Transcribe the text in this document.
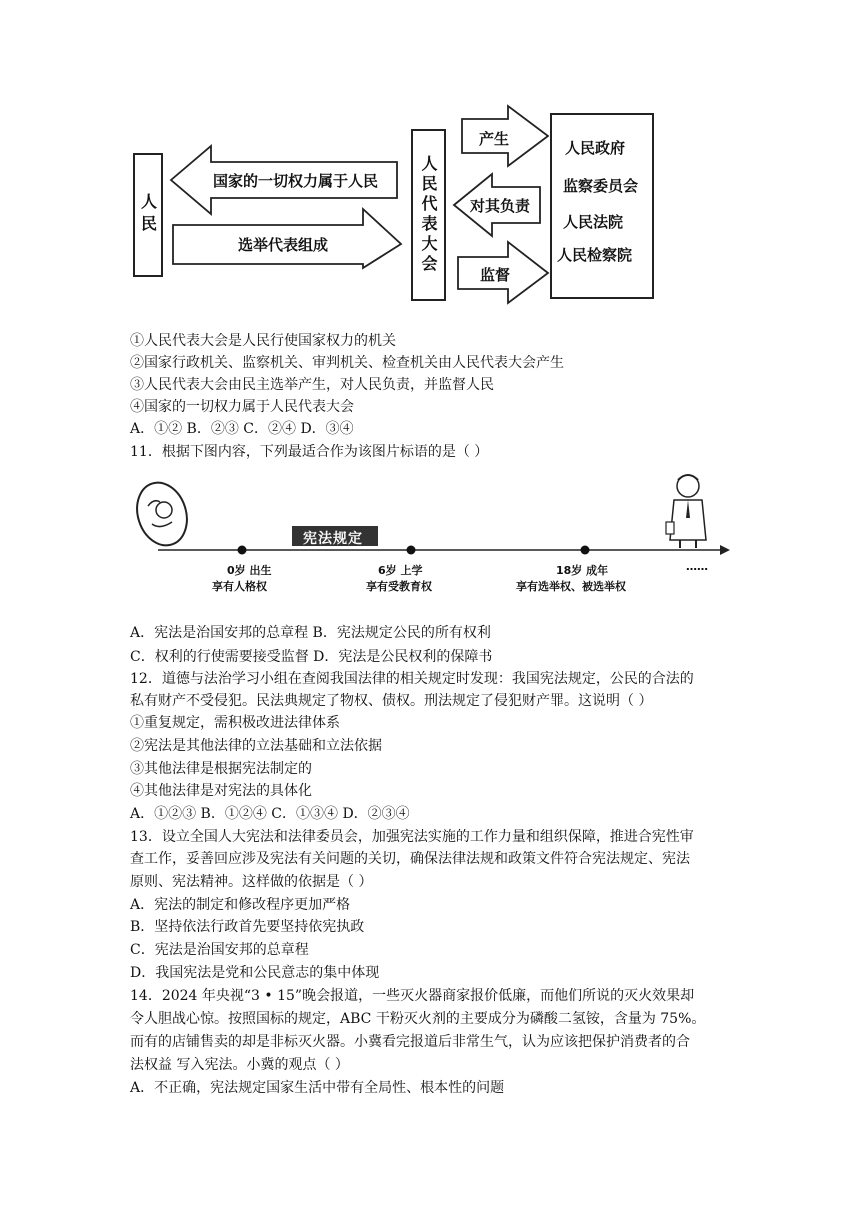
人民
国家的一切权力属于人民
选举代表组成	人民代表大会
产生
对其负责
监督
人民政府
监察委员会
人民法院
人民检察院
①人民代表大会是人民行使国家权力的机关
②国家行政机关、监察机关、审判机关、检查机关由人民代表大会产生
③人民代表大会由民主选举产生，对人民负责，并监督人民
④国家的一切权力属于人民代表大会
A．①② B．②③ C．②④ D．③④
11．根据下图内容，下列最适合作为该图片标语的是（ ）
宪法规定
0岁 出生
享有人格权
6岁 上学
享有受教育权
18岁 成年
享有选举权、被选举权
……
A．宪法是治国安邦的总章程 B．宪法规定公民的所有权利
C．权利的行使需要接受监督 D．宪法是公民权利的保障书
12．道德与法治学习小组在查阅我国法律的相关规定时发现：我国宪法规定，公民的合法的
私有财产不受侵犯。民法典规定了物权、债权。刑法规定了侵犯财产罪。这说明（ ）
①重复规定，需积极改进法律体系
②宪法是其他法律的立法基础和立法依据
③其他法律是根据宪法制定的
④其他法律是对宪法的具体化
A．①②③ B．①②④ C．①③④ D．②③④
13．设立全国人大宪法和法律委员会，加强宪法实施的工作力量和组织保障，推进合宪性审
查工作，妥善回应涉及宪法有关问题的关切，确保法律法规和政策文件符合宪法规定、宪法
原则、宪法精神。这样做的依据是（ ）
A．宪法的制定和修改程序更加严格
B．坚持依法行政首先要坚持依宪执政
C．宪法是治国安邦的总章程
D．我国宪法是党和公民意志的集中体现
14．2024 年央视“3 • 15”晚会报道，一些灭火器商家报价低廉，而他们所说的灭火效果却
令人胆战心惊。按照国标的规定，ABC 干粉灭火剂的主要成分为磷酸二氢铵，含量为 75%。
而有的店铺售卖的却是非标灭火器。小冀看完报道后非常生气，认为应该把保护消费者的合
法权益 写入宪法。小冀的观点（ ）
A．不正确，宪法规定国家生活中带有全局性、根本性的问题
